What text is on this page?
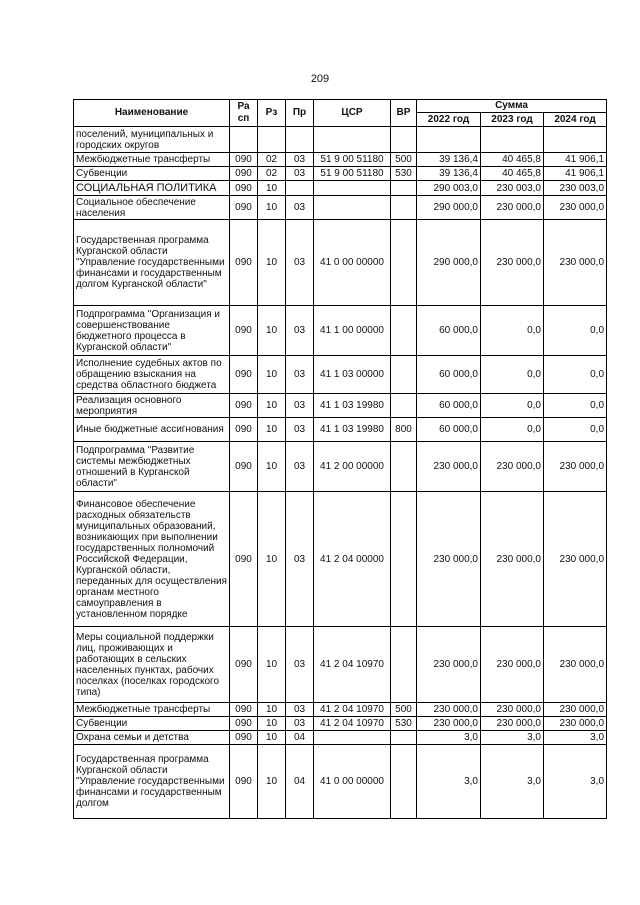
209
Наименование	Ра сп	Рз	Пр	ЦСР	ВР	Сумма		
						2022 год	2023 год	2024 год
поселений, муниципальных и городских округов								
Межбюджетные трансферты	090	02	03	51 9 00 51180	500	39 136,4	40 465,8	41 906,1
Субвенции	090	02	03	51 9 00 51180	530	39 136,4	40 465,8	41 906,1
СОЦИАЛЬНАЯ ПОЛИТИКА	090	10				290 003,0	230 003,0	230 003,0
Социальное обеспечение населения	090	10	03			290 000,0	230 000,0	230 000,0
Государственная программа Курганской области "Управление государственными финансами и государственным долгом Курганской области"	090	10	03	41 0 00 00000		290 000,0	230 000,0	230 000,0
Подпрограмма "Организация и совершенствование бюджетного процесса в Курганской области"	090	10	03	41 1 00 00000		60 000,0	0,0	0,0
Исполнение судебных актов по обращению взыскания на средства областного бюджета	090	10	03	41 1 03 00000		60 000,0	0,0	0,0
Реализация основного мероприятия	090	10	03	41 1 03 19980		60 000,0	0,0	0,0
Иные бюджетные ассигнования	090	10	03	41 1 03 19980	800	60 000,0	0,0	0,0
Подпрограмма "Развитие системы межбюджетных отношений в Курганской области"	090	10	03	41 2 00 00000		230 000,0	230 000,0	230 000,0
Финансовое обеспечение расходных обязательств муниципальных образований, возникающих при выполнении государственных полномочий Российской Федерации, Курганской области, переданных для осуществления органам местного самоуправления в установленном порядке	090	10	03	41 2 04 00000		230 000,0	230 000,0	230 000,0
Меры социальной поддержки лиц, проживающих и работающих в сельских населенных пунктах, рабочих поселках (поселках городского типа)	090	10	03	41 2 04 10970		230 000,0	230 000,0	230 000,0
Межбюджетные трансферты	090	10	03	41 2 04 10970	500	230 000,0	230 000,0	230 000,0
Субвенции	090	10	03	41 2 04 10970	530	230 000,0	230 000,0	230 000,0
Охрана семьи и детства	090	10	04			3,0	3,0	3,0
Государственная программа Курганской области "Управление государственными финансами и государственным долгом	090	10	04	41 0 00 00000		3,0	3,0	3,0
